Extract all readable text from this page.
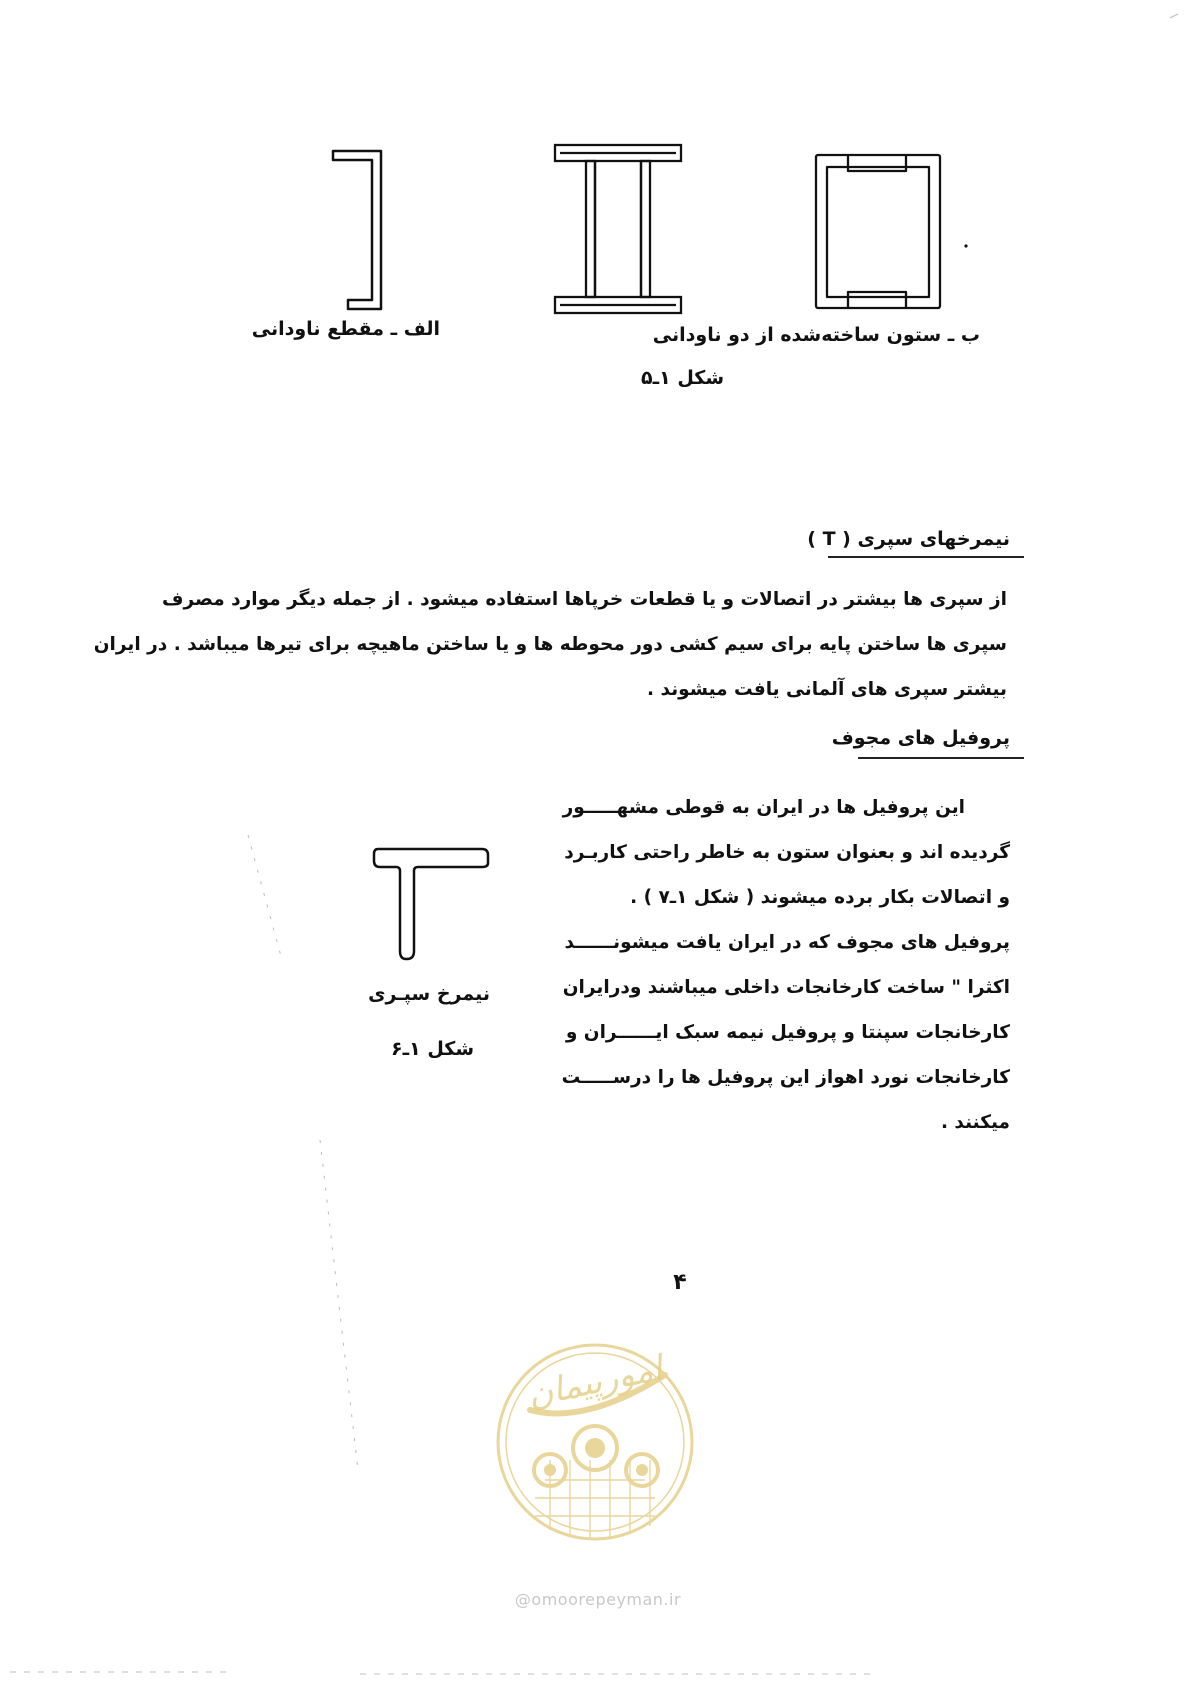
الف ـ مقطع ناودانی	ب ـ ستون ساخته‌شده از دو ناودانی
شکل ۱ـ۵
نیمرخهای سپری ( T )
از سپری ها بیشتر در اتصالات و یا قطعات خرپاها استفاده میشود . از جمله دیگر موارد مصرف
سپری ها ساختن پایه برای سیم کشی دور محوطه ها و یا ساختن ماهیچه برای تیرها میباشد . در ایران
بیشتر سپری های آلمانی یافت میشوند .
پروفیل های مجوف
این پروفیل ها در ایران به قوطی مشهـــــور
گردیده اند و بعنوان ستون به خاطر راحتی کاربـرد
و اتصالات بکار برده میشوند ( شکل ۱ـ۷ ) .
پروفیل های مجوف که در ایران یافت میشونــــــد
اکثرا " ساخت کارخانجات داخلی میباشند ودرایران
کارخانجات سپنتا و پروفیل نیمه سبک ایــــــران و
کارخانجات نورد اهواز این پروفیل ها را درســـــت
میکنند .
نیمرخ سپـری
شکل ۱ـ۶
۴
امورپیمان
@omoorepeyman.ir
